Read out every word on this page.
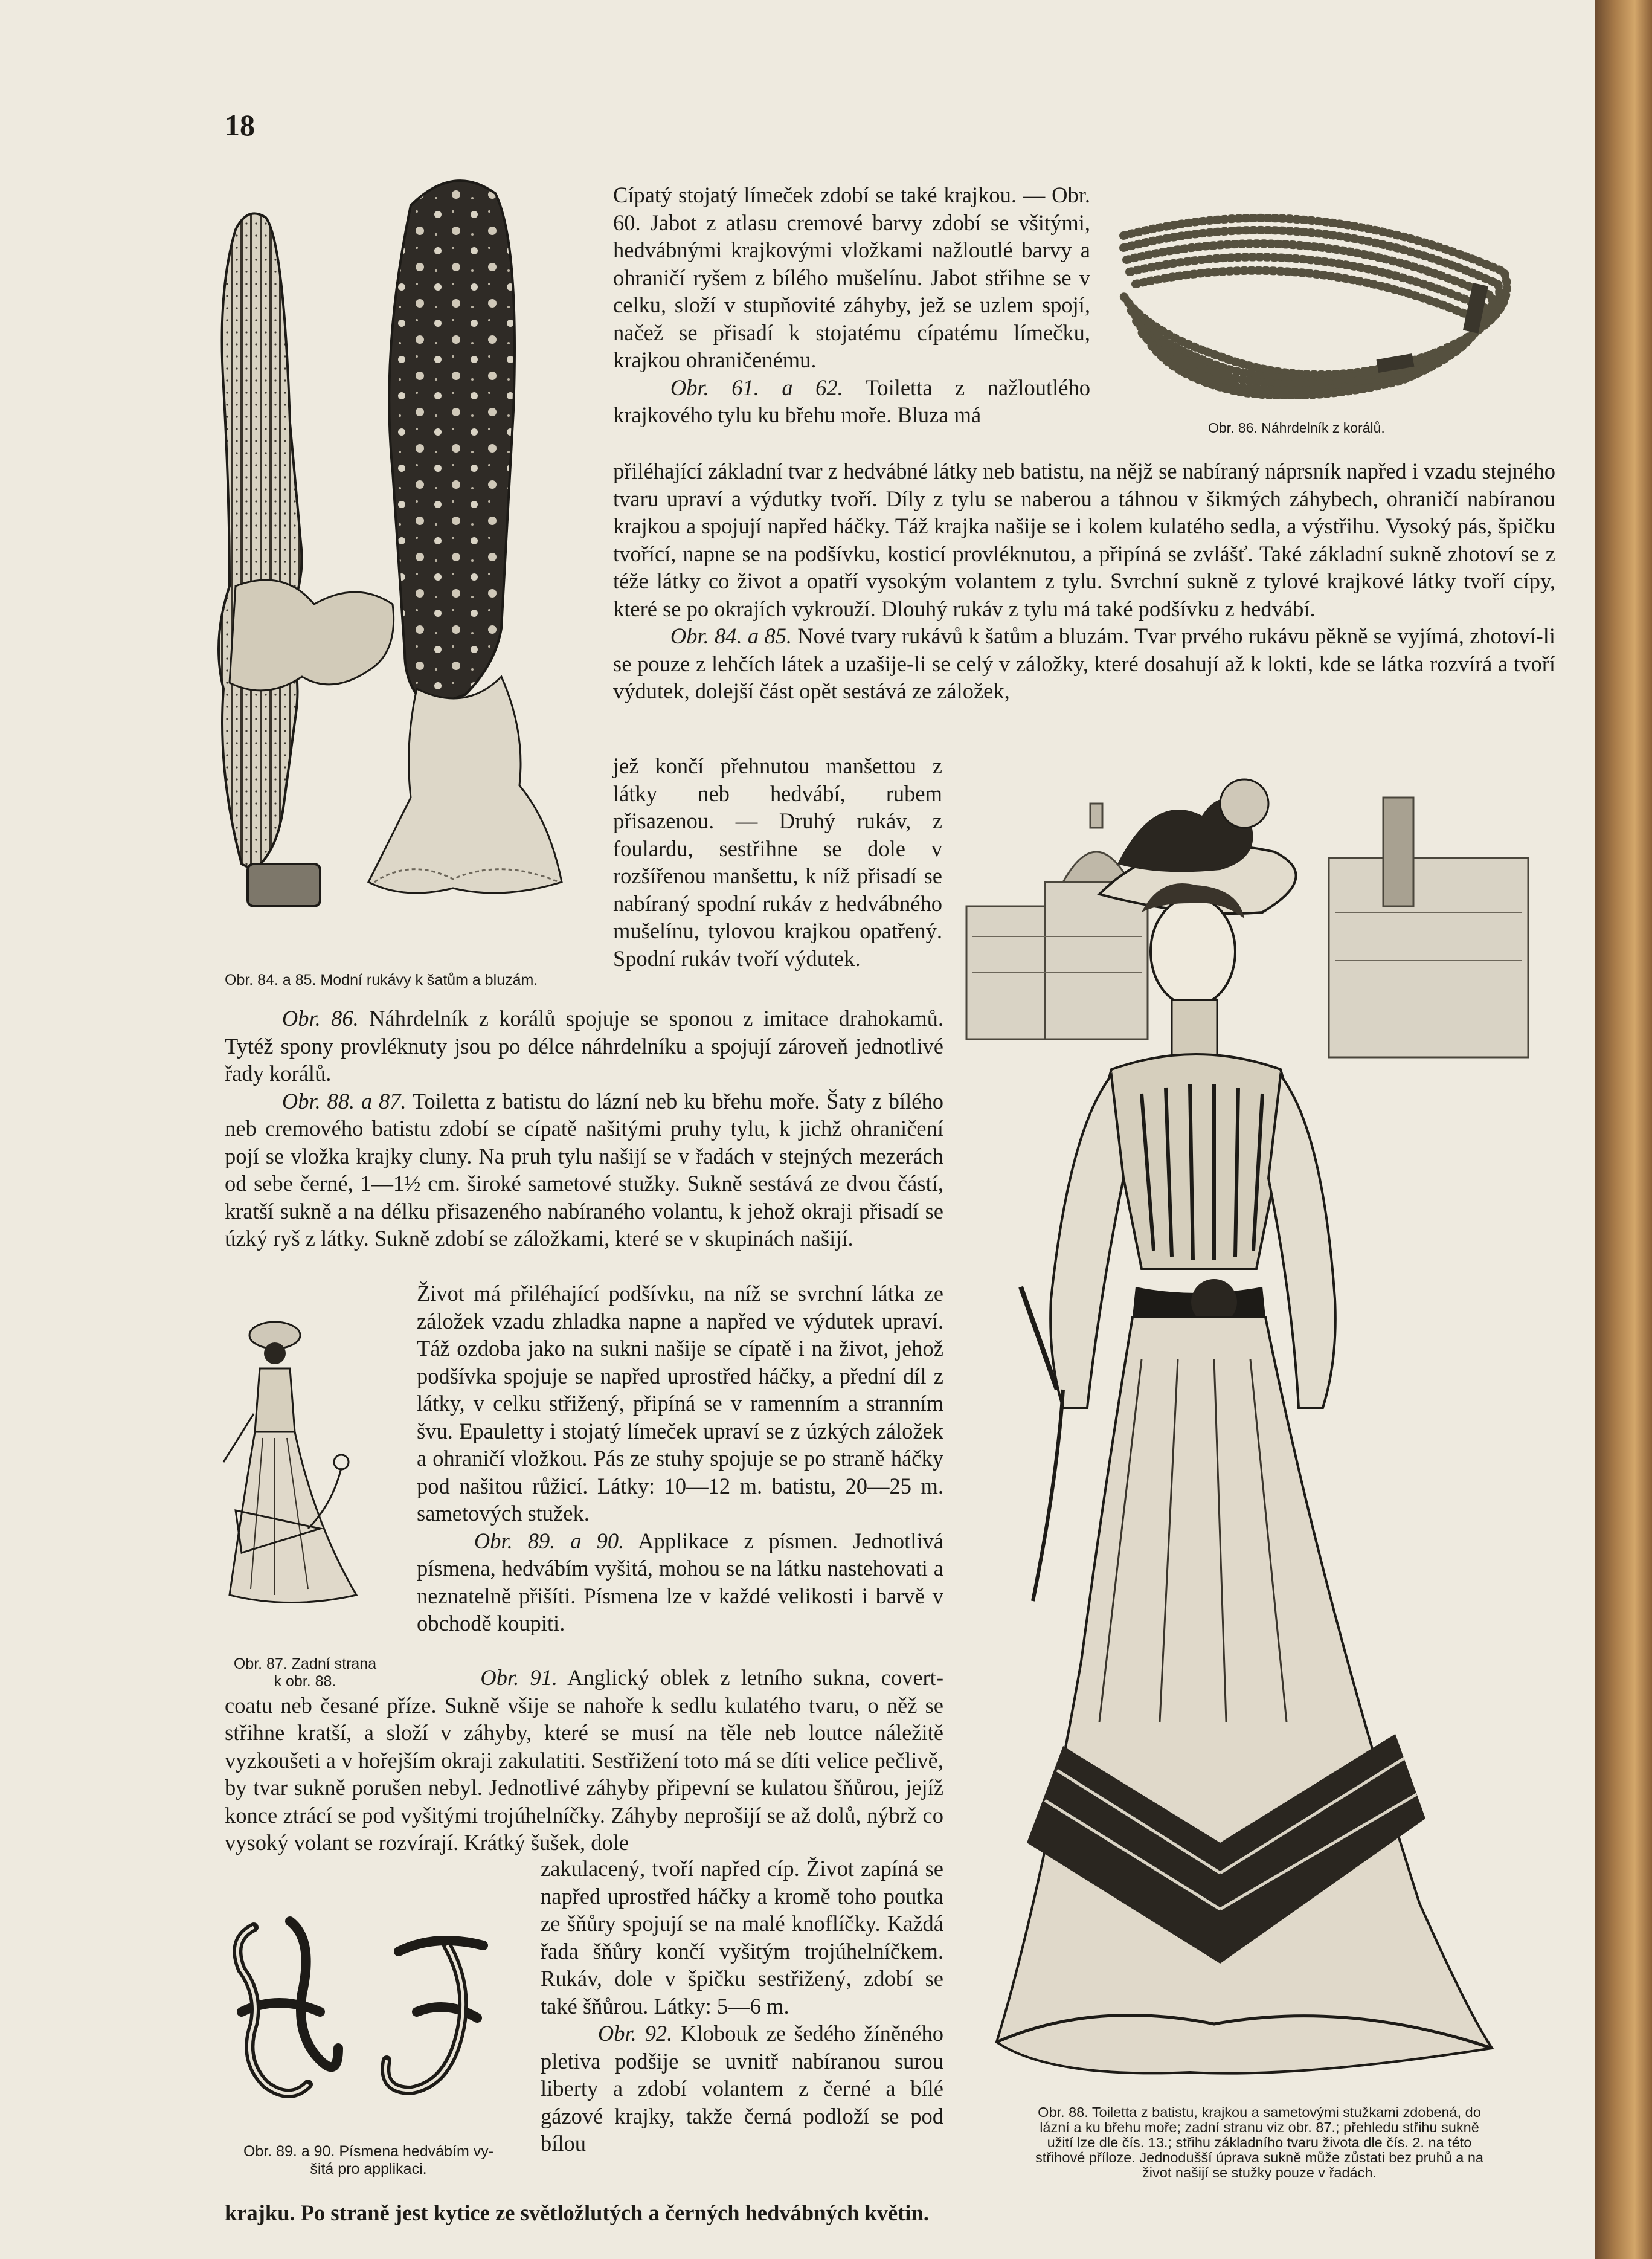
18
Obr. 84. a 85. Modní rukávy k šatům a bluzám.
Obr. 86. Náhrdelník z korálů.
Obr. 88. Toiletta z batistu, krajkou a sametovými stužkami zdobená, do
lázní a ku břehu moře; zadní stranu viz obr. 87.; přehledu střihu sukně
užití lze dle čís. 13.; střihu základního tvaru života dle čís. 2. na této
střihové příloze. Jednodušší úprava sukně může zůstati bez pruhů a na
život našijí se stužky pouze v řadách.
Obr. 87. Zadní strana
k obr. 88.
Obr. 89. a 90. Písmena hedvábím vy-
šitá pro applikaci.

Cípatý stojatý límeček zdobí se také krajkou. — Obr. 60. Jabot z atlasu cremové barvy zdobí se všitými, hedvábnými krajkovými vložkami nažloutlé barvy a ohraničí ryšem z bílého mušelínu. Jabot střihne se v celku, složí v stupňovité záhyby, jež se uzlem spojí, načež se přisadí k stojatému cípatému límečku, krajkou ohraničenému.

Obr. 61. a 62. Toiletta z nažloutlého krajkového tylu ku břehu moře. Bluza má

přiléhající základní tvar z hedvábné látky neb batistu, na nějž se nabíraný náprsník napřed i vzadu stejného tvaru upraví a výdutky tvoří. Díly z tylu se naberou a táhnou v šikmých záhybech, ohraničí nabíranou krajkou a spojují napřed háčky. Táž krajka našije se i kolem kulatého sedla, a výstřihu. Vysoký pás, špičku tvořící, napne se na podšívku, kosticí provléknutou, a připíná se zvlášť. Také základní sukně zhotoví se z téže látky co život a opatří vysokým volantem z tylu. Svrchní sukně z tylové krajkové látky tvoří cípy, které se po okrajích vykrouží. Dlouhý rukáv z tylu má také podšívku z hedvábí.

Obr. 84. a 85. Nové tvary rukávů k šatům a bluzám. Tvar prvého rukávu pěkně se vyjímá, zhotoví-li se pouze z lehčích látek a uzašije-li se celý v záložky, které dosahují až k lokti, kde se látka rozvírá a tvoří výdutek, dolejší část opět sestává ze záložek,

jež končí přehnutou manšettou z látky neb hedvábí, rubem přisazenou. — Druhý rukáv, z foulardu, sestřihne se dole v rozšířenou manšettu, k níž přisadí se nabíraný spodní rukáv z hedvábného mušelínu, tylovou krajkou opatřený. Spodní rukáv tvoří výdutek.

Obr. 86. Náhrdelník z korálů spojuje se sponou z imitace drahokamů. Tytéž spony provléknuty jsou po délce náhrdelníku a spojují zároveň jednotlivé řady korálů.

Obr. 88. a 87. Toiletta z batistu do lázní neb ku břehu moře. Šaty z bílého neb cremového batistu zdobí se cípatě našitými pruhy tylu, k jichž ohraničení pojí se vložka krajky cluny. Na pruh tylu našijí se v řadách v stejných mezerách od sebe černé, 1—1½ cm. široké sametové stužky. Sukně sestává ze dvou částí, kratší sukně a na délku přisazeného nabíraného volantu, k jehož okraji přisadí se úzký ryš z látky. Sukně zdobí se záložkami, které se v skupinách našijí.

Život má přiléhající podšívku, na níž se svrchní látka ze záložek vzadu zhladka napne a napřed ve výdutek upraví. Táž ozdoba jako na sukni našije se cípatě i na život, jehož podšívka spojuje se napřed uprostřed háčky, a přední díl z látky, v celku střižený, připíná se v ramenním a stranním švu. Epauletty i stojatý límeček upraví se z úzkých záložek a ohraničí vložkou. Pás ze stuhy spojuje se po straně háčky pod našitou růžicí. Látky: 10—12 m. batistu, 20—25 m. sametových stužek.

Obr. 89. a 90. Applikace z písmen. Jednotlivá písmena, hedvábím vyšitá, mohou se na látku nastehovati a neznatelně přišíti. Písmena lze v každé velikosti i barvě v obchodě koupiti.

Obr. 91. Anglický oblek z letního sukna, covert-coatu neb česané příze. Sukně všije se nahoře k sedlu kulatého tvaru, o něž se střihne kratší, a složí v záhyby, které se musí na těle neb loutce náležitě vyzkoušeti a v hořejším okraji zakulatiti. Sestřižení toto má se díti velice pečlivě, by tvar sukně porušen nebyl. Jednotlivé záhyby připevní se kulatou šňůrou, jejíž konce ztrácí se pod vyšitými trojúhelníčky. Záhyby neprošijí se až dolů, nýbrž co vysoký volant se rozvírají. Krátký šušek, dole

zakulacený, tvoří napřed cíp. Život zapíná se napřed uprostřed háčky a kromě toho poutka ze šňůry spojují se na malé knoflíčky. Každá řada šňůry končí vyšitým trojúhelníčkem. Rukáv, dole v špičku sestřižený, zdobí se také šňůrou. Látky: 5—6 m.

Obr. 92. Klobouk ze šedého žíněného pletiva podšije se uvnitř nabíranou surou liberty a zdobí volantem z černé a bílé gázové krajky, takže černá podloží se pod bílou

krajku. Po straně jest kytice ze světložlutých a černých hedvábných květin.
